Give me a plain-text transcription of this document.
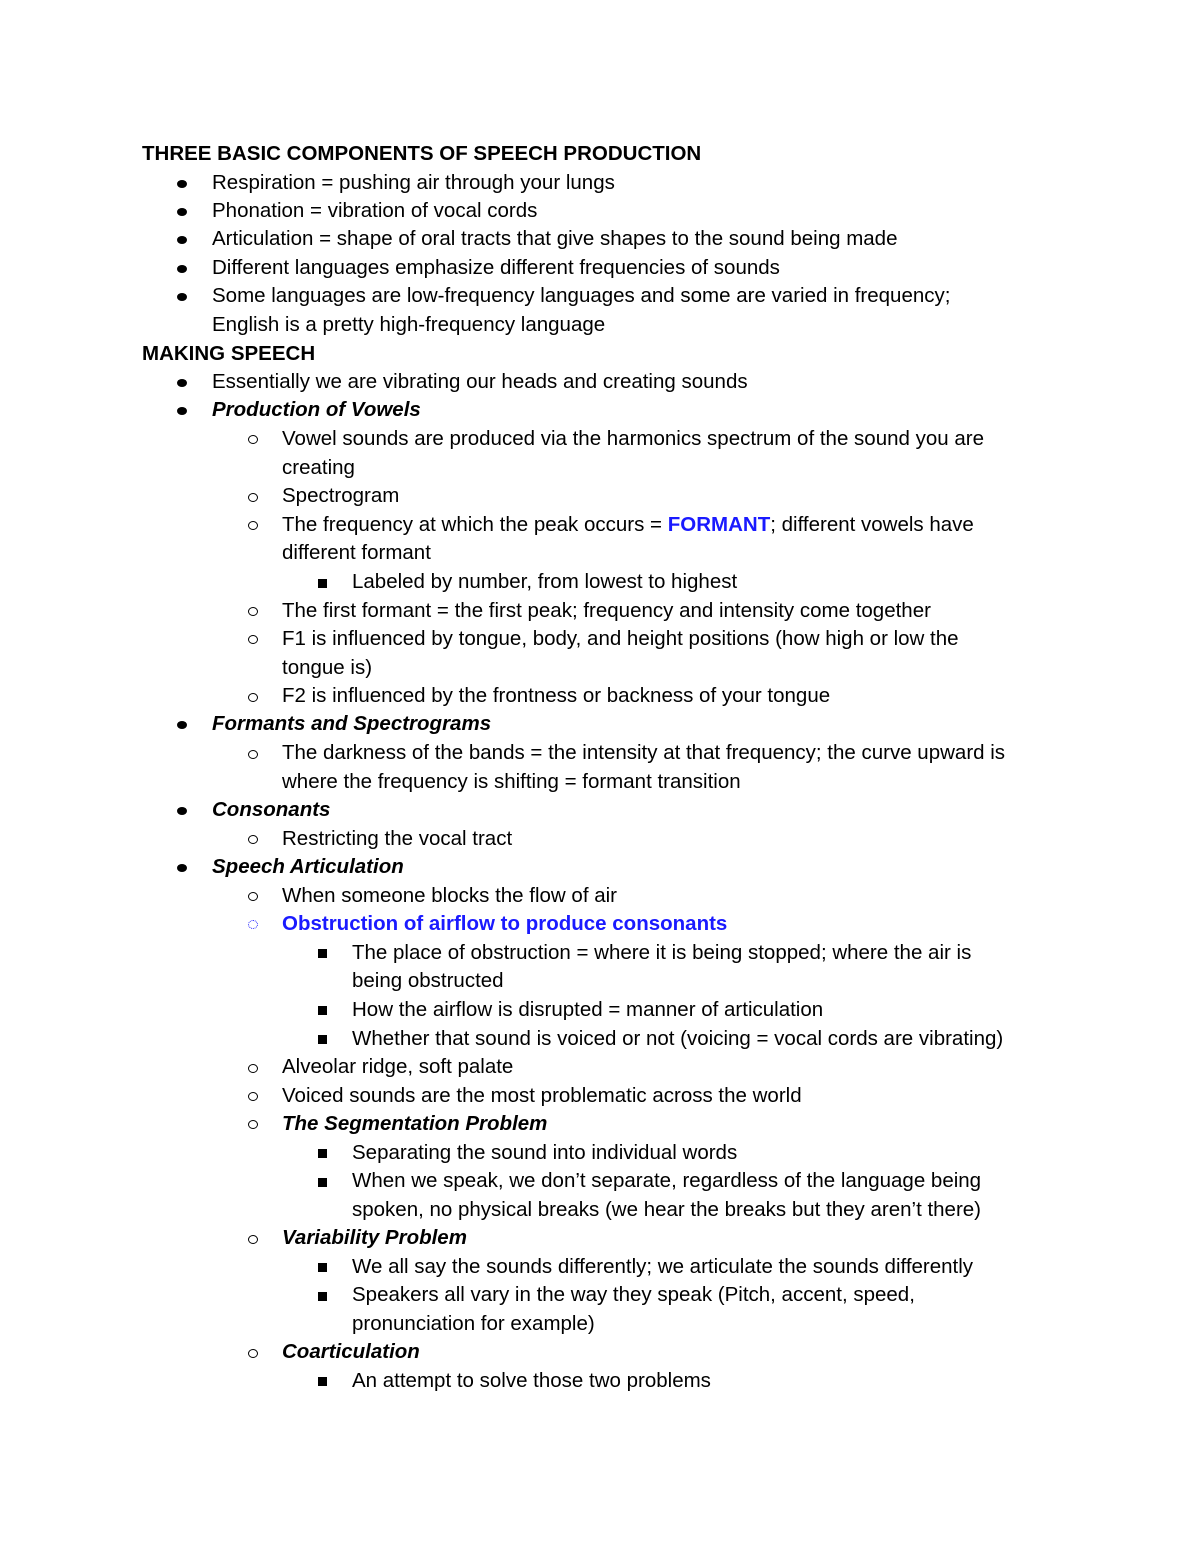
THREE BASIC COMPONENTS OF SPEECH PRODUCTION
Respiration = pushing air through your lungs
Phonation = vibration of vocal cords
Articulation = shape of oral tracts that give shapes to the sound being made
Different languages emphasize different frequencies of sounds
Some languages are low-frequency languages and some are varied in frequency;
English is a pretty high-frequency language
MAKING SPEECH
Essentially we are vibrating our heads and creating sounds
Production of Vowels
Vowel sounds are produced via the harmonics spectrum of the sound you are
creating
Spectrogram
The frequency at which the peak occurs = FORMANT; different vowels have
different formant
Labeled by number, from lowest to highest
The first formant = the first peak; frequency and intensity come together
F1 is influenced by tongue, body, and height positions (how high or low the
tongue is)
F2 is influenced by the frontness or backness of your tongue
Formants and Spectrograms
The darkness of the bands = the intensity at that frequency; the curve upward is
where the frequency is shifting = formant transition
Consonants
Restricting the vocal tract
Speech Articulation
When someone blocks the flow of air
Obstruction of airflow to produce consonants
The place of obstruction = where it is being stopped; where the air is
being obstructed
How the airflow is disrupted = manner of articulation
Whether that sound is voiced or not (voicing = vocal cords are vibrating)
Alveolar ridge, soft palate
Voiced sounds are the most problematic across the world
The Segmentation Problem
Separating the sound into individual words
When we speak, we don’t separate, regardless of the language being
spoken, no physical breaks (we hear the breaks but they aren’t there)
Variability Problem
We all say the sounds differently; we articulate the sounds differently
Speakers all vary in the way they speak (Pitch, accent, speed,
pronunciation for example)
Coarticulation
An attempt to solve those two problems
